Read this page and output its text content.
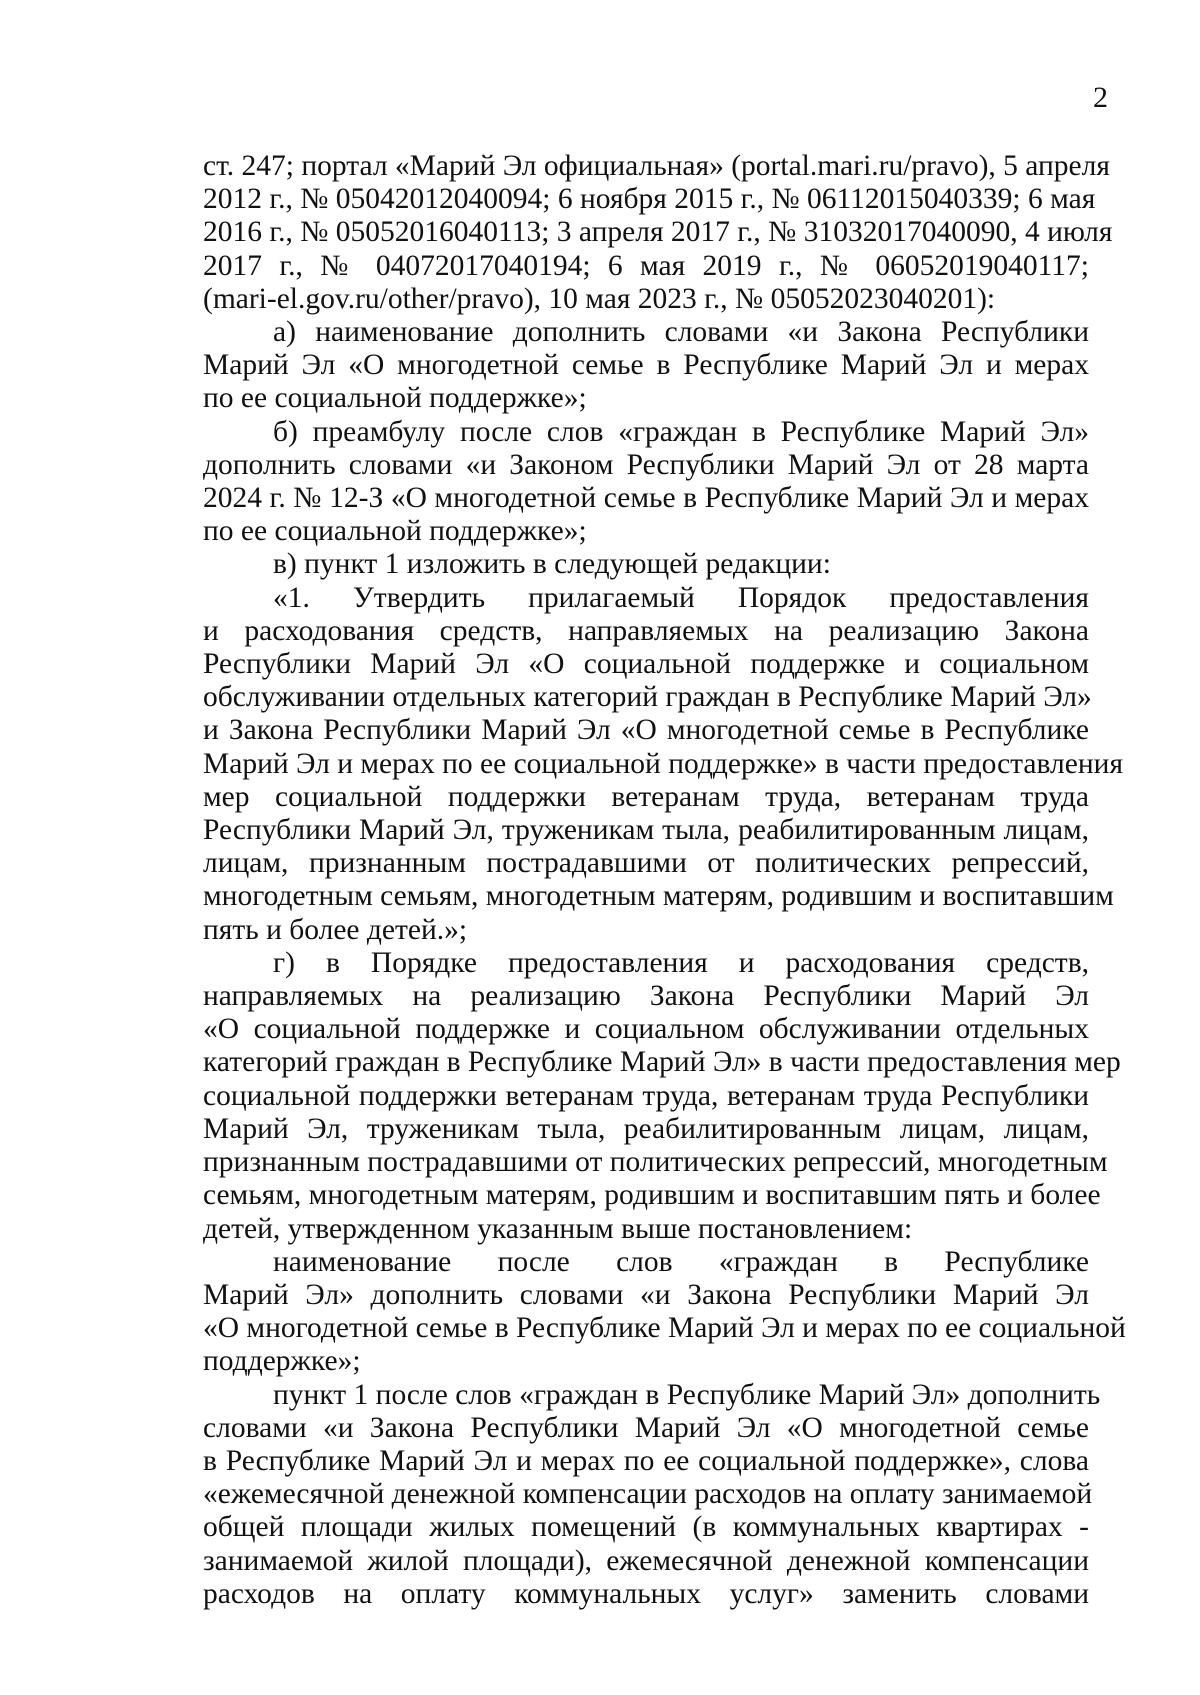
2
ст. 247; портал «Марий Эл официальная» (portal.mari.ru/pravo), 5 апреля
2012 г., № 05042012040094; 6 ноября 2015 г., № 06112015040339; 6 мая
2016 г., № 05052016040113; 3 апреля 2017 г., № 31032017040090, 4 июля
2017 г., № 04072017040194; 6 мая 2019 г., № 06052019040117;
(mari-el.gov.ru/other/pravo), 10 мая 2023 г., № 05052023040201):
а) наименование дополнить словами «и Закона Республики
Марий Эл «О многодетной семье в Республике Марий Эл и мерах
по ее социальной поддержке»;
б) преамбулу после слов «граждан в Республике Марий Эл»
дополнить словами «и Законом Республики Марий Эл от 28 марта
2024 г. № 12-З «О многодетной семье в Республике Марий Эл и мерах
по ее социальной поддержке»;
в) пункт 1 изложить в следующей редакции:
«1. Утвердить прилагаемый Порядок предоставления
и расходования средств, направляемых на реализацию Закона
Республики Марий Эл «О социальной поддержке и социальном
обслуживании отдельных категорий граждан в Республике Марий Эл»
и Закона Республики Марий Эл «О многодетной семье в Республике
Марий Эл и мерах по ее социальной поддержке» в части предоставления
мер социальной поддержки ветеранам труда, ветеранам труда
Республики Марий Эл, труженикам тыла, реабилитированным лицам,
лицам, признанным пострадавшими от политических репрессий,
многодетным семьям, многодетным матерям, родившим и воспитавшим
пять и более детей.»;
г) в Порядке предоставления и расходования средств,
направляемых на реализацию Закона Республики Марий Эл
«О социальной поддержке и социальном обслуживании отдельных
категорий граждан в Республике Марий Эл» в части предоставления мер
социальной поддержки ветеранам труда, ветеранам труда Республики
Марий Эл, труженикам тыла, реабилитированным лицам, лицам,
признанным пострадавшими от политических репрессий, многодетным
семьям, многодетным матерям, родившим и воспитавшим пять и более
детей, утвержденном указанным выше постановлением:
наименование после слов «граждан в Республике
Марий Эл» дополнить словами «и Закона Республики Марий Эл
«О многодетной семье в Республике Марий Эл и мерах по ее социальной
поддержке»;
пункт 1 после слов «граждан в Республике Марий Эл» дополнить
словами «и Закона Республики Марий Эл «О многодетной семье
в Республике Марий Эл и мерах по ее социальной поддержке», слова
«ежемесячной денежной компенсации расходов на оплату занимаемой
общей площади жилых помещений (в коммунальных квартирах -
занимаемой жилой площади), ежемесячной денежной компенсации
расходов на оплату коммунальных услуг» заменить словами
